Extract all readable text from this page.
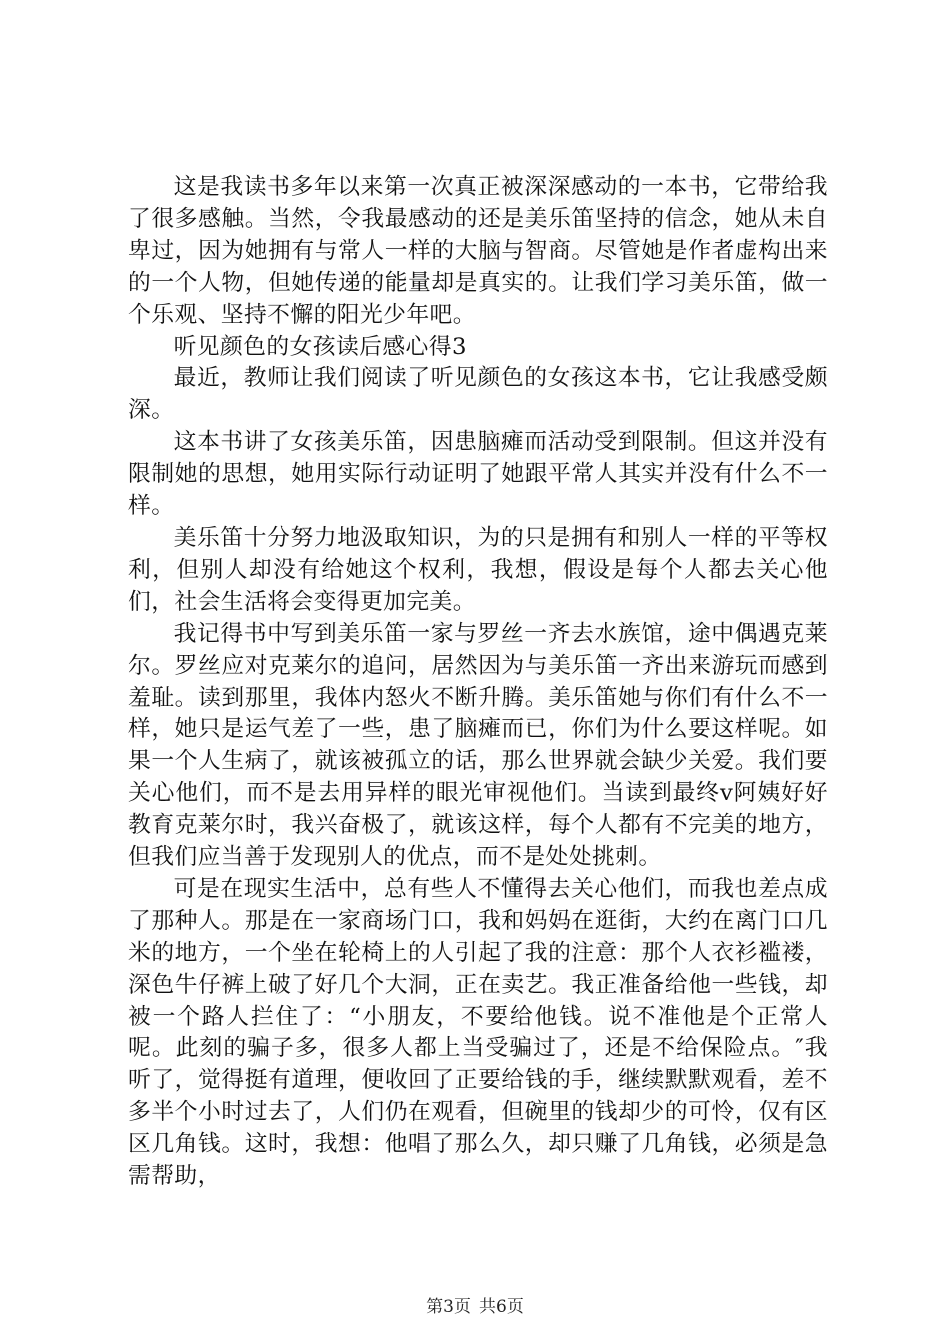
这是我读书多年以来第一次真正被深深感动的一本书，它带给我了很多感触。当然，令我最感动的还是美乐笛坚持的信念，她从未自卑过，因为她拥有与常人一样的大脑与智商。尽管她是作者虚构出来的一个人物，但她传递的能量却是真实的。让我们学习美乐笛，做一个乐观、坚持不懈的阳光少年吧。

听见颜色的女孩读后感心得3

最近，教师让我们阅读了听见颜色的女孩这本书，它让我感受颇深。

这本书讲了女孩美乐笛，因患脑瘫而活动受到限制。但这并没有限制她的思想，她用实际行动证明了她跟平常人其实并没有什么不一样。

美乐笛十分努力地汲取知识，为的只是拥有和别人一样的平等权利，但别人却没有给她这个权利，我想，假设是每个人都去关心他们，社会生活将会变得更加完美。

我记得书中写到美乐笛一家与罗丝一齐去水族馆，途中偶遇克莱尔。罗丝应对克莱尔的追问，居然因为与美乐笛一齐出来游玩而感到羞耻。读到那里，我体内怒火不断升腾。美乐笛她与你们有什么不一样，她只是运气差了一些，患了脑瘫而已，你们为什么要这样呢。如果一个人生病了，就该被孤立的话，那么世界就会缺少关爱。我们要关心他们，而不是去用异样的眼光审视他们。当读到最终v阿姨好好教育克莱尔时，我兴奋极了，就该这样，每个人都有不完美的地方，但我们应当善于发现别人的优点，而不是处处挑刺。

可是在现实生活中，总有些人不懂得去关心他们，而我也差点成了那种人。那是在一家商场门口，我和妈妈在逛街，大约在离门口几米的地方，一个坐在轮椅上的人引起了我的注意：那个人衣衫褴褛，深色牛仔裤上破了好几个大洞，正在卖艺。我正准备给他一些钱，却被一个路人拦住了：“小朋友，不要给他钱。说不准他是个正常人呢。此刻的骗子多，很多人都上当受骗过了，还是不给保险点。″我听了，觉得挺有道理，便收回了正要给钱的手，继续默默观看，差不多半个小时过去了，人们仍在观看，但碗里的钱却少的可怜，仅有区区几角钱。这时，我想：他唱了那么久，却只赚了几角钱，必须是急需帮助，

第3页 共6页
